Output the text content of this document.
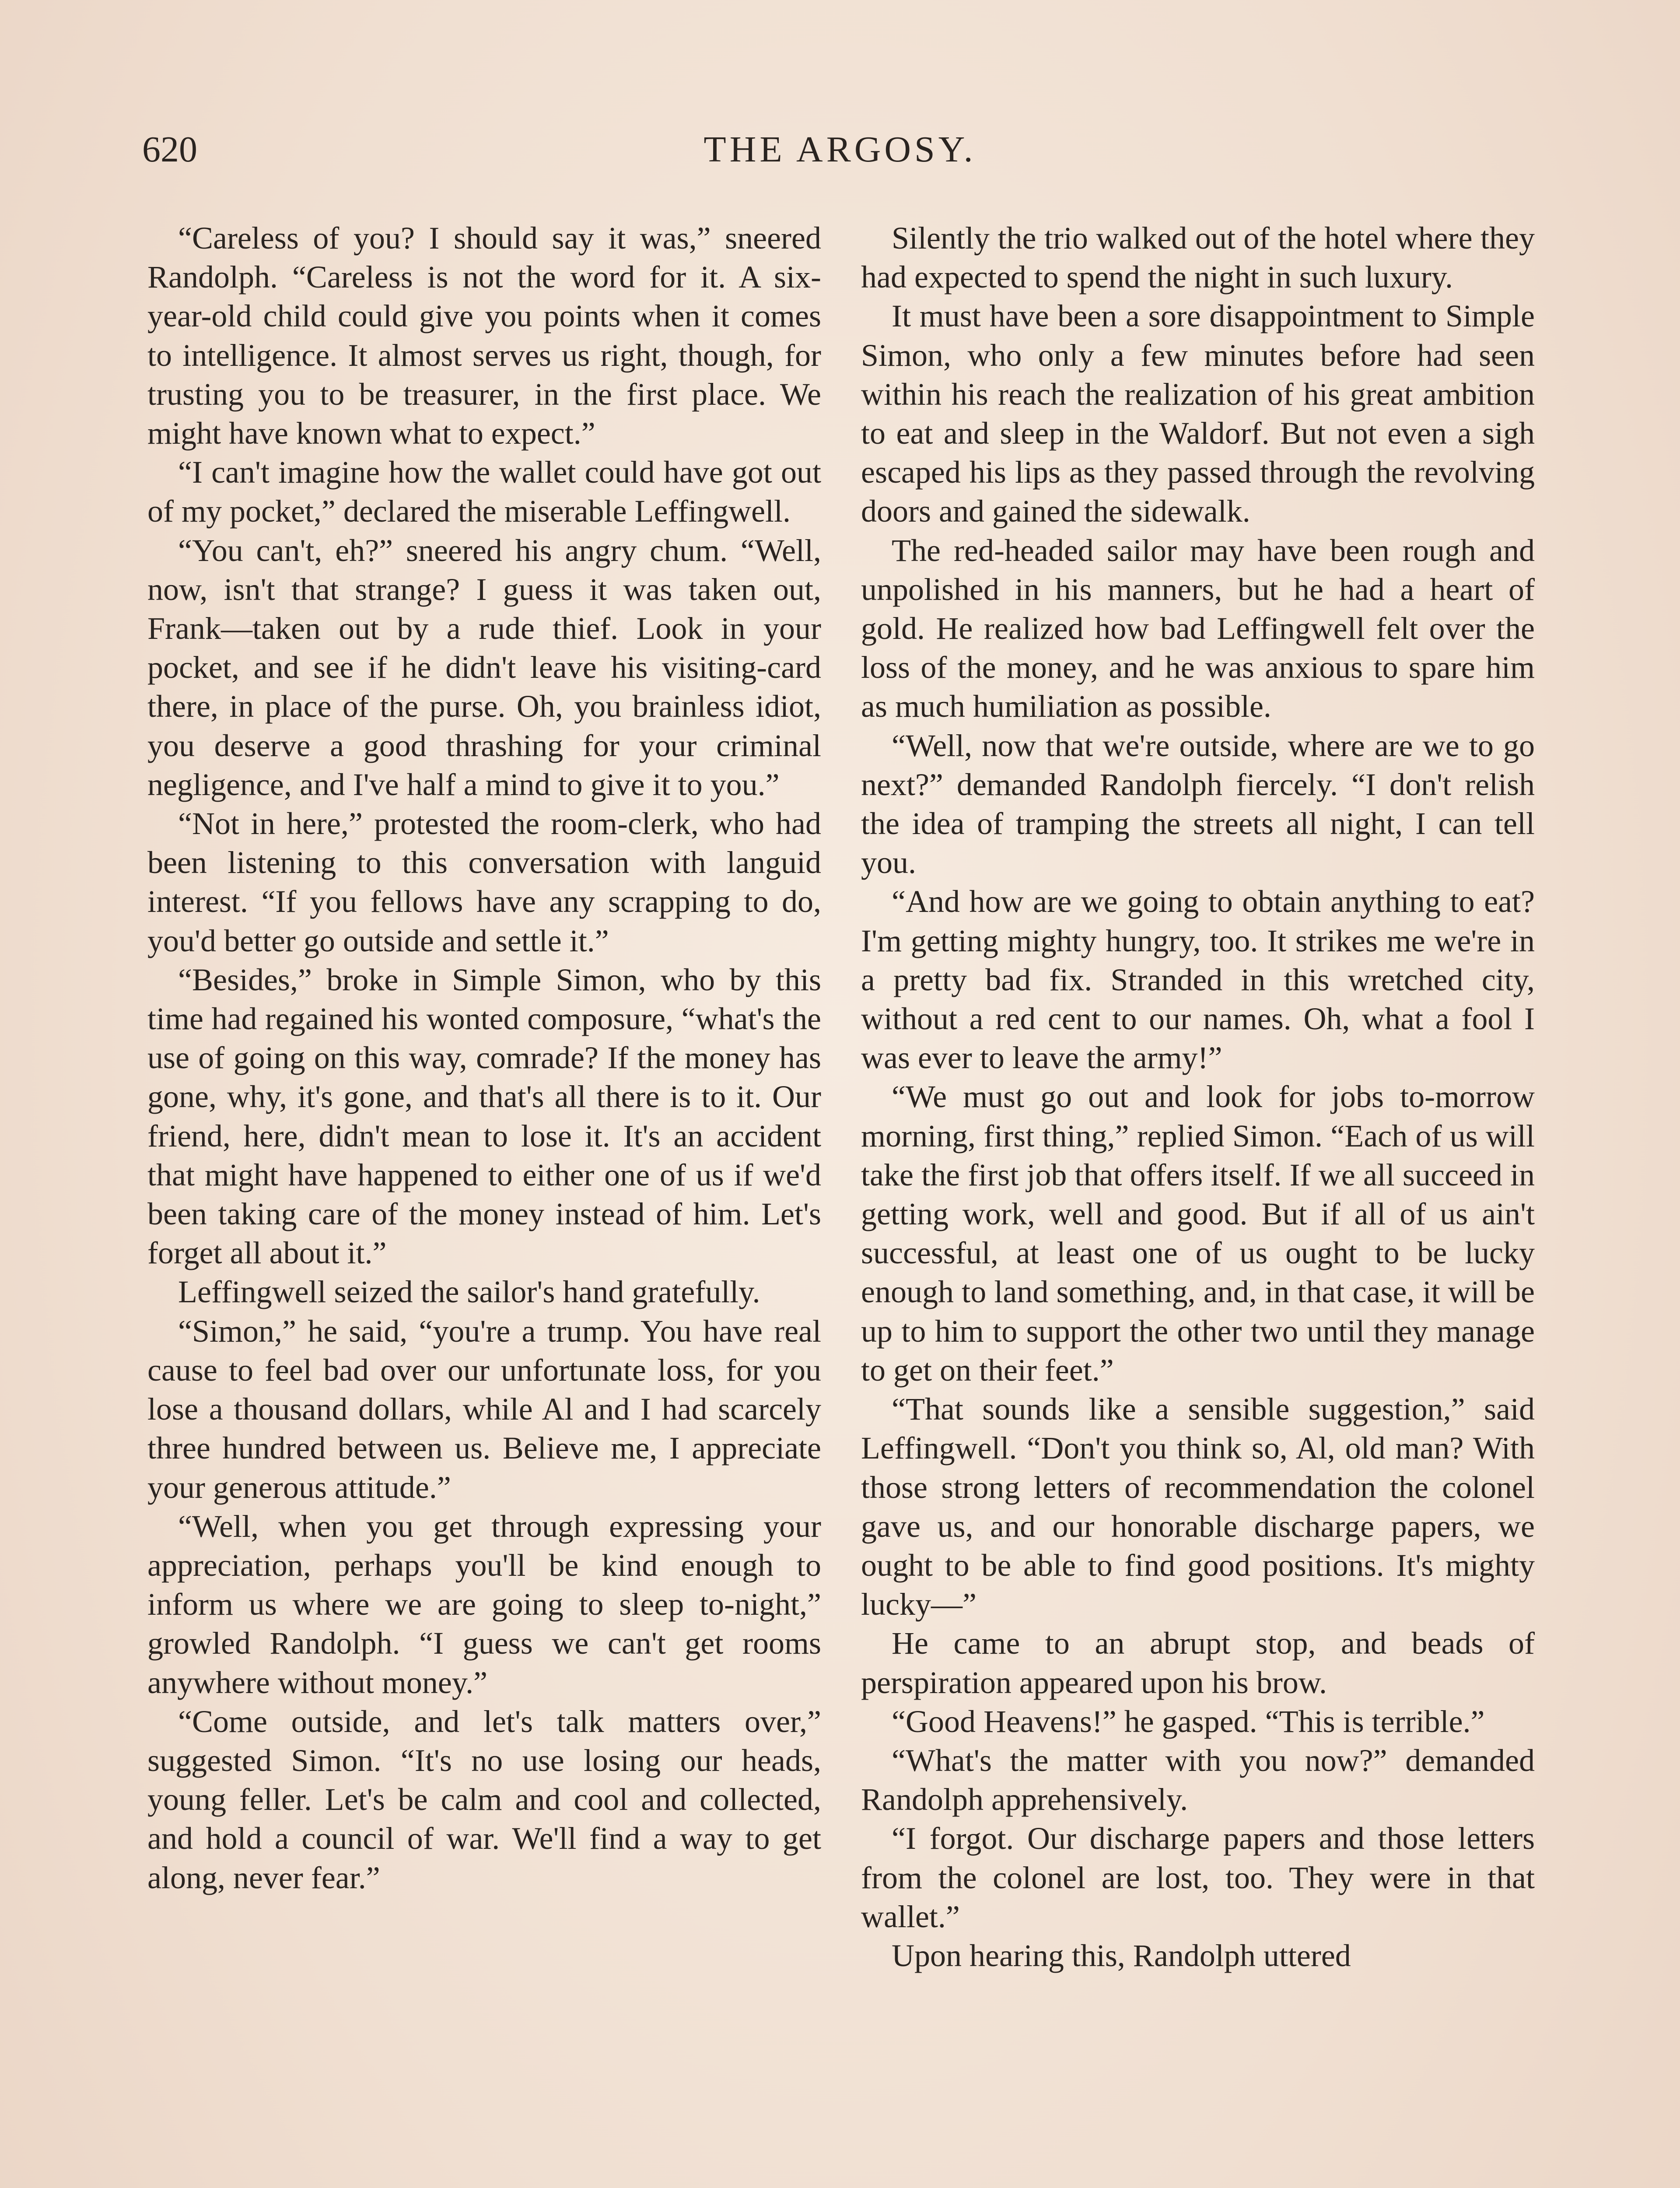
620	THE ARGOSY.

“Careless of you? I should say it was,” sneered Randolph. “Careless is not the word for it. A six-year-old child could give you points when it comes to intelligence. It almost serves us right, though, for trusting you to be treasurer, in the first place. We might have known what to expect.”

“I can't imagine how the wallet could have got out of my pocket,” declared the miserable Leffingwell.

“You can't, eh?” sneered his angry chum. “Well, now, isn't that strange? I guess it was taken out, Frank—taken out by a rude thief. Look in your pocket, and see if he didn't leave his visiting-card there, in place of the purse. Oh, you brainless idiot, you deserve a good thrashing for your criminal negligence, and I've half a mind to give it to you.”

“Not in here,” protested the room-clerk, who had been listening to this conversation with languid interest. “If you fellows have any scrapping to do, you'd better go outside and settle it.”

“Besides,” broke in Simple Simon, who by this time had regained his wonted composure, “what's the use of going on this way, comrade? If the money has gone, why, it's gone, and that's all there is to it. Our friend, here, didn't mean to lose it. It's an accident that might have happened to either one of us if we'd been taking care of the money instead of him. Let's forget all about it.”

Leffingwell seized the sailor's hand gratefully.

“Simon,” he said, “you're a trump. You have real cause to feel bad over our unfortunate loss, for you lose a thousand dollars, while Al and I had scarcely three hundred between us. Believe me, I appreciate your generous attitude.”

“Well, when you get through expressing your appreciation, perhaps you'll be kind enough to inform us where we are going to sleep to-night,” growled Randolph. “I guess we can't get rooms anywhere without money.”

“Come outside, and let's talk matters over,” suggested Simon. “It's no use losing our heads, young feller. Let's be calm and cool and collected, and hold a council of war. We'll find a way to get along, never fear.”

Silently the trio walked out of the hotel where they had expected to spend the night in such luxury.

It must have been a sore disappointment to Simple Simon, who only a few minutes before had seen within his reach the realization of his great ambition to eat and sleep in the Waldorf. But not even a sigh escaped his lips as they passed through the revolving doors and gained the sidewalk.

The red-headed sailor may have been rough and unpolished in his manners, but he had a heart of gold. He realized how bad Leffingwell felt over the loss of the money, and he was anxious to spare him as much humiliation as possible.

“Well, now that we're outside, where are we to go next?” demanded Randolph fiercely. “I don't relish the idea of tramping the streets all night, I can tell you.

“And how are we going to obtain anything to eat? I'm getting mighty hungry, too. It strikes me we're in a pretty bad fix. Stranded in this wretched city, without a red cent to our names. Oh, what a fool I was ever to leave the army!”

“We must go out and look for jobs to-morrow morning, first thing,” replied Simon. “Each of us will take the first job that offers itself. If we all succeed in getting work, well and good. But if all of us ain't successful, at least one of us ought to be lucky enough to land something, and, in that case, it will be up to him to support the other two until they manage to get on their feet.”

“That sounds like a sensible suggestion,” said Leffingwell. “Don't you think so, Al, old man? With those strong letters of recommendation the colonel gave us, and our honorable discharge papers, we ought to be able to find good positions. It's mighty lucky—”

He came to an abrupt stop, and beads of perspiration appeared upon his brow.

“Good Heavens!” he gasped. “This is terrible.”

“What's the matter with you now?” demanded Randolph apprehensively.

“I forgot. Our discharge papers and those letters from the colonel are lost, too. They were in that wallet.”

Upon hearing this, Randolph uttered
